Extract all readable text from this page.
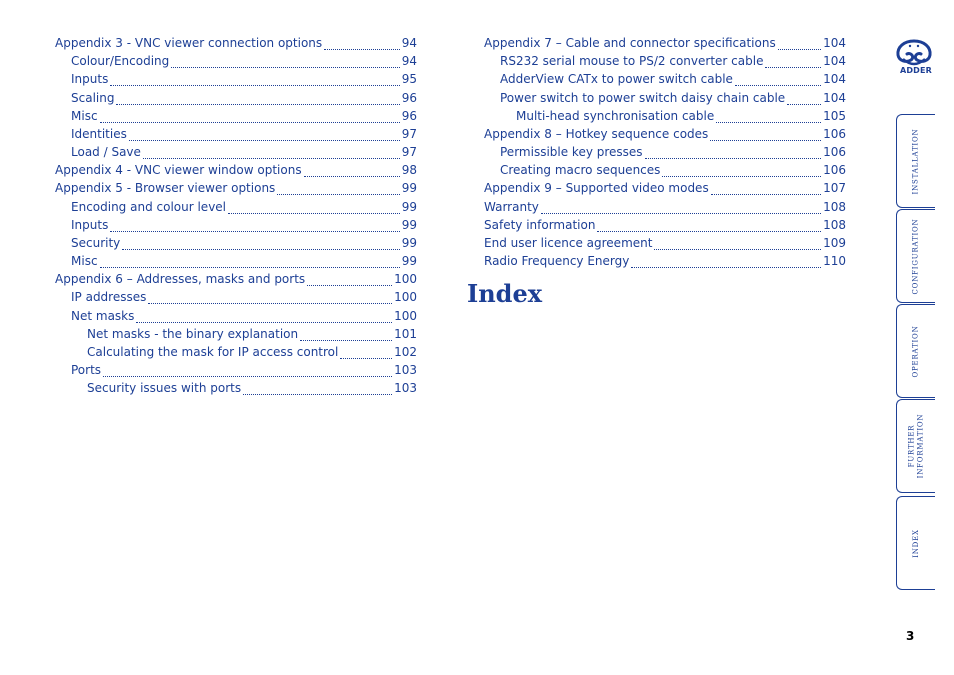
Appendix 3 - VNC viewer connection options	94
Colour/Encoding	94
Inputs	95
Scaling	96
Misc	96
Identities	97
Load / Save	97
Appendix 4 - VNC viewer window options	98
Appendix 5 - Browser viewer options	99
Encoding and colour level	99
Inputs	99
Security	99
Misc	99
Appendix 6 – Addresses, masks and ports	100
IP addresses	100
Net masks	100
Net masks - the binary explanation	101
Calculating the mask for IP access control	102
Ports	103
Security issues with ports	103
Appendix 7 – Cable and connector specifications	104
RS232 serial mouse to PS/2 converter cable	104
AdderView CATx to power switch cable	104
Power switch to power switch daisy chain cable	104
Multi-head synchronisation cable	105
Appendix 8 – Hotkey sequence codes	106
Permissible key presses	106
Creating macro sequences	106
Appendix 9 – Supported video modes	107
Warranty	108
Safety information	108
End user licence agreement	109
Radio Frequency Energy	110
Index
ADDER
INSTALLATION
CONFIGURATION
OPERATION
FURTHER
INFORMATION
INDEX
3
